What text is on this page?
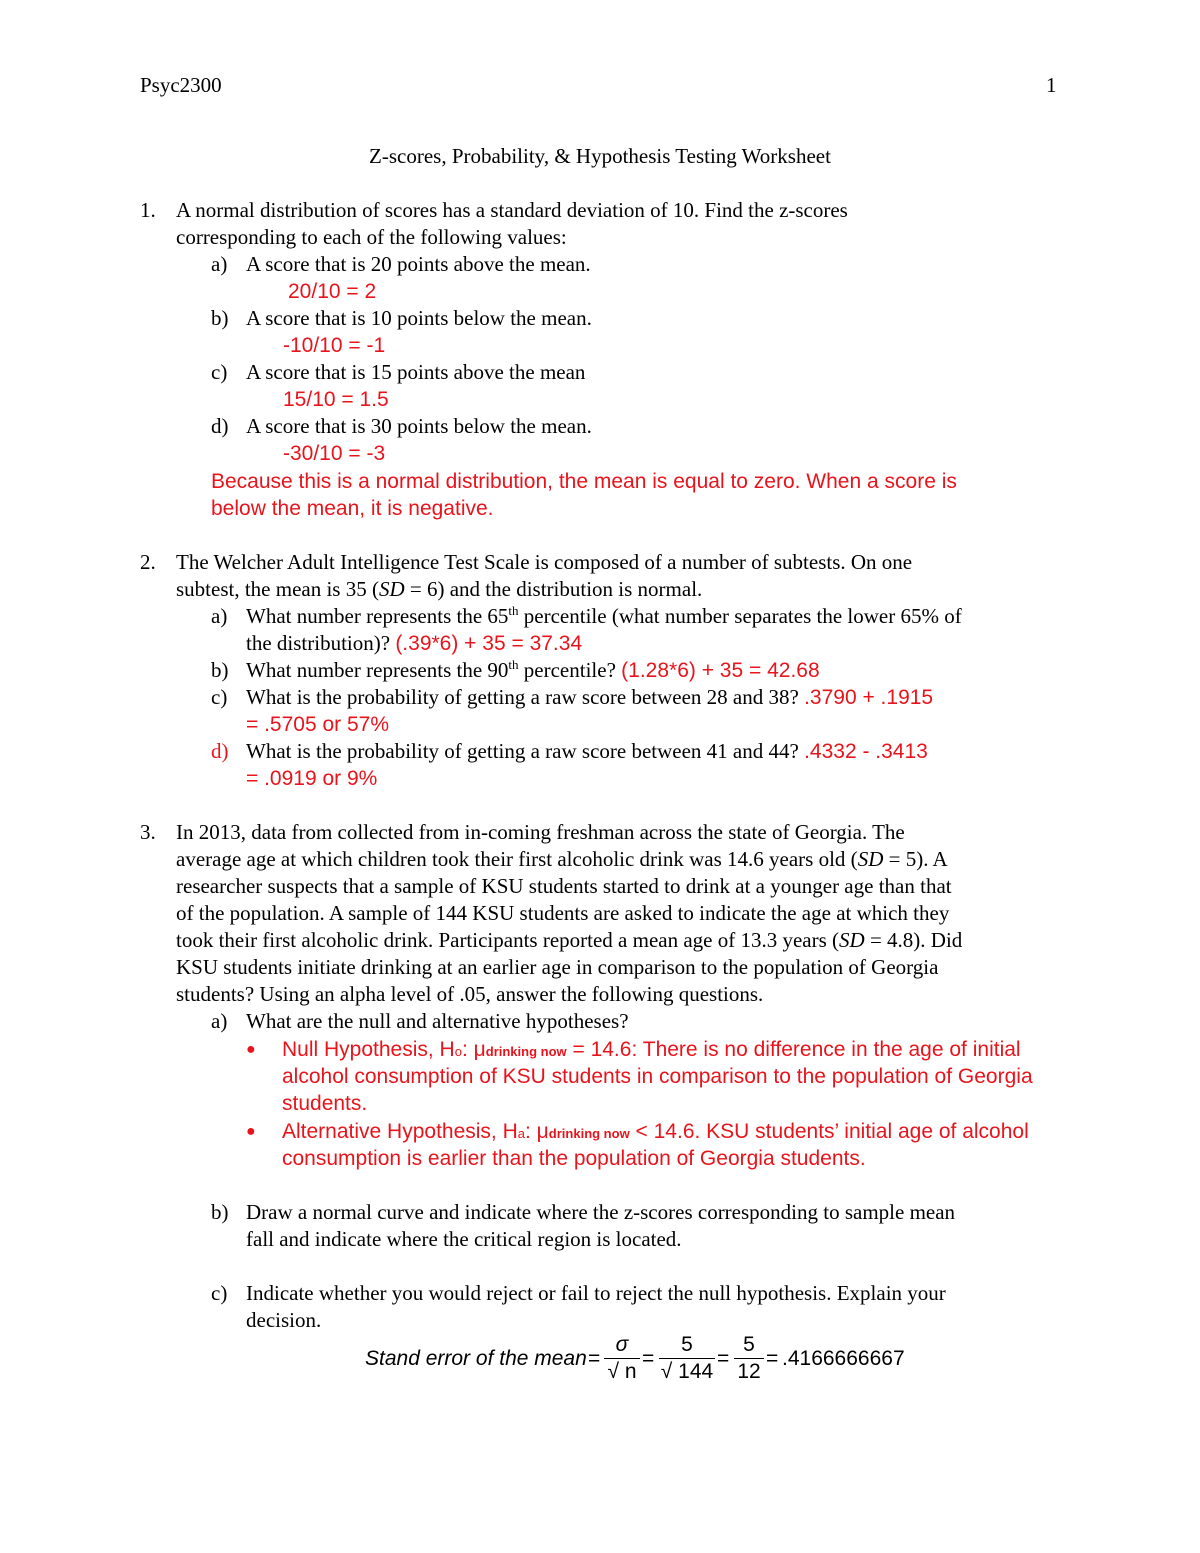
Psyc2300	1
Z-scores, Probability, & Hypothesis Testing Worksheet
1. A normal distribution of scores has a standard deviation of 10. Find the z-scores
corresponding to each of the following values:
a) A score that is 20 points above the mean.
20/10 = 2
b) A score that is 10 points below the mean.
-10/10 = -1
c) A score that is 15 points above the mean
15/10 = 1.5
d) A score that is 30 points below the mean.
-30/10 = -3
Because this is a normal distribution, the mean is equal to zero. When a score is
below the mean, it is negative.
2. The Welcher Adult Intelligence Test Scale is composed of a number of subtests. On one
subtest, the mean is 35 (SD = 6) and the distribution is normal.
a) What number represents the 65th percentile (what number separates the lower 65% of
the distribution)? (.39*6) + 35 = 37.34
b) What number represents the 90th percentile? (1.28*6) + 35 = 42.68
c) What is the probability of getting a raw score between 28 and 38? .3790 + .1915
= .5705 or 57%
d) What is the probability of getting a raw score between 41 and 44? .4332 - .3413
= .0919 or 9%
3. In 2013, data from collected from in-coming freshman across the state of Georgia. The
average age at which children took their first alcoholic drink was 14.6 years old (SD = 5). A
researcher suspects that a sample of KSU students started to drink at a younger age than that
of the population. A sample of 144 KSU students are asked to indicate the age at which they
took their first alcoholic drink. Participants reported a mean age of 13.3 years (SD = 4.8). Did
KSU students initiate drinking at an earlier age in comparison to the population of Georgia
students? Using an alpha level of .05, answer the following questions.
a) What are the null and alternative hypotheses?
● Null Hypothesis, Ho: μdrinking now = 14.6: There is no difference in the age of initial
alcohol consumption of KSU students in comparison to the population of Georgia
students.
● Alternative Hypothesis, Ha: μdrinking now < 14.6. KSU students’ initial age of alcohol
consumption is earlier than the population of Georgia students.
b) Draw a normal curve and indicate where the z-scores corresponding to sample mean
fall and indicate where the critical region is located.
c) Indicate whether you would reject or fail to reject the null hypothesis. Explain your
decision.
Stand error of the mean = $\frac{\sigma}{√ n} = \frac{5}{√ 144} = \frac{5}{12} = .4166666667$
